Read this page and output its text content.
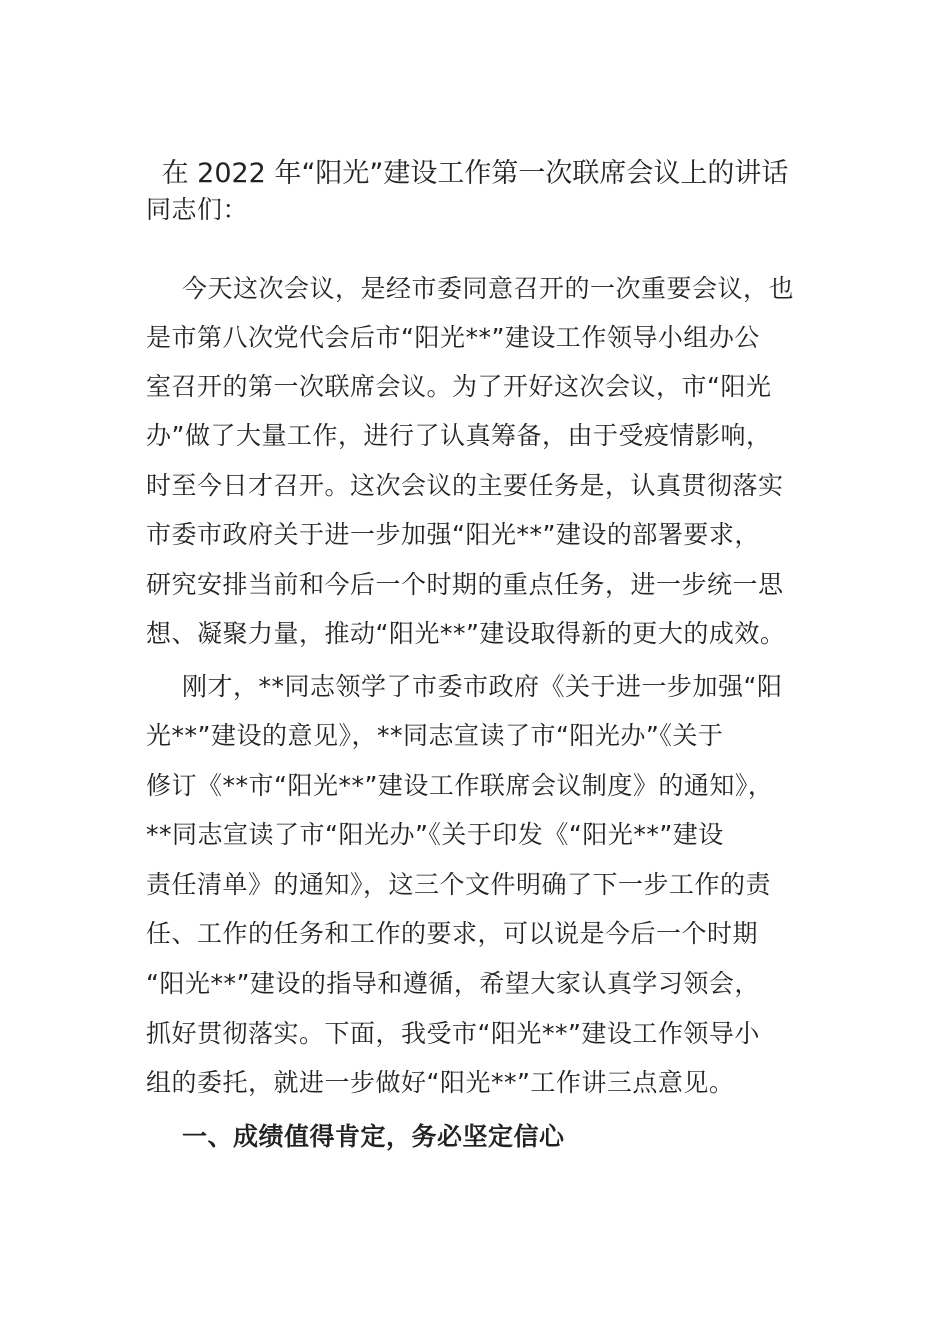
在 2022 年“阳光”建设工作第一次联席会议上的讲话
同志们：
今天这次会议，是经市委同意召开的一次重要会议，也
是市第八次党代会后市“阳光**”建设工作领导小组办公
室召开的第一次联席会议。为了开好这次会议，市“阳光
办”做了大量工作，进行了认真筹备，由于受疫情影响，
时至今日才召开。这次会议的主要任务是，认真贯彻落实
市委市政府关于进一步加强“阳光**”建设的部署要求，
研究安排当前和今后一个时期的重点任务，进一步统一思
想、凝聚力量，推动“阳光**”建设取得新的更大的成效。
刚才，**同志领学了市委市政府《关于进一步加强“阳
光**”建设的意见》，**同志宣读了市“阳光办”《关于
修订《**市“阳光**”建设工作联席会议制度》的通知》，
**同志宣读了市“阳光办”《关于印发《“阳光**”建设
责任清单》的通知》，这三个文件明确了下一步工作的责
任、工作的任务和工作的要求，可以说是今后一个时期
“阳光**”建设的指导和遵循，希望大家认真学习领会，
抓好贯彻落实。下面，我受市“阳光**”建设工作领导小
组的委托，就进一步做好“阳光**”工作讲三点意见。
一、成绩值得肯定，务必坚定信心
